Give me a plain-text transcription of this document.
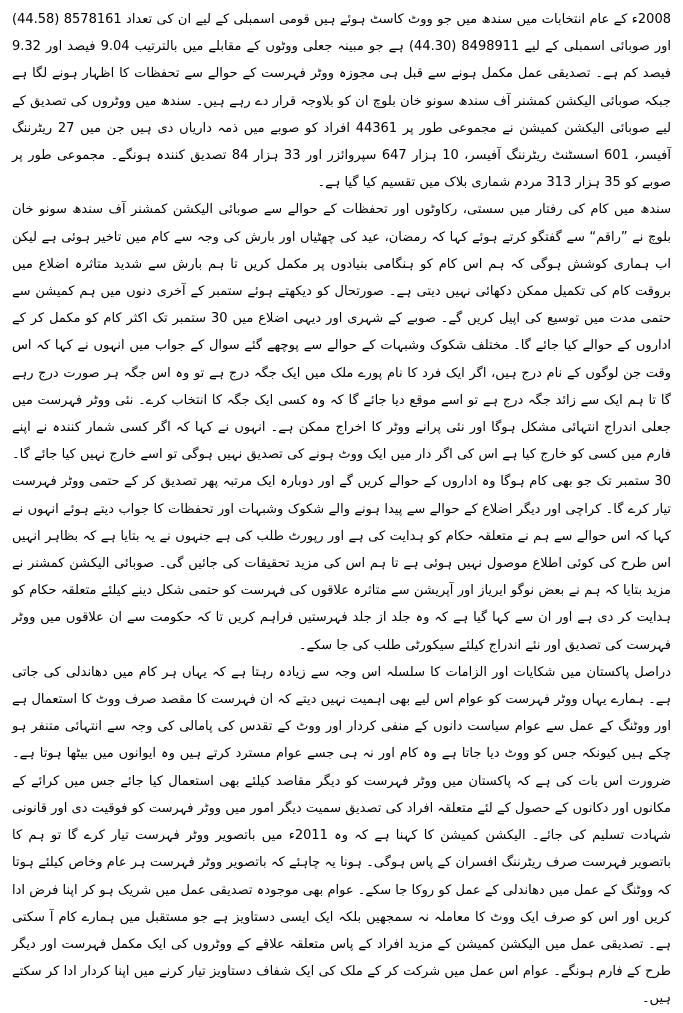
2008ء کے عام انتخابات میں سندھ میں جو ووٹ کاسٹ ہوئے ہیں قومی اسمبلی کے لیے ان کی تعداد 8578161 (44.58) اور صوبائی اسمبلی کے لیے 8498911 (44.30) ہے جو مبینہ جعلی ووٹوں کے مقابلے میں بالترتیب 9.04 فیصد اور 9.32 فیصد کم ہے۔ تصدیقی عمل مکمل ہونے سے قبل ہی مجوزہ ووٹر فہرست کے حوالے سے تحفظات کا اظہار ہونے لگا ہے جبکہ صوبائی الیکشن کمشنر آف سندھ سونو خان بلوچ ان کو بلاوجہ قرار دے رہے ہیں۔ سندھ میں ووٹروں کی تصدیق کے لیے صوبائی الیکشن کمیشن نے مجموعی طور پر 44361 افراد کو صوبے میں ذمہ داریاں دی ہیں جن میں 27 ریٹرننگ آفیسر، 601 اسسٹنٹ ریٹرننگ آفیسر، 10 ہزار 647 سپروائزر اور 33 ہزار 84 تصدیق کنندہ ہونگے۔ مجموعی طور پر صوبے کو 35 ہزار 313 مردم شماری بلاک میں تقسیم کیا گیا ہے۔

سندھ میں کام کی رفتار میں سستی، رکاوٹوں اور تحفظات کے حوالے سے صوبائی الیکشن کمشنر آف سندھ سونو خان بلوچ نے ”راقم“ سے گفتگو کرتے ہوئے کہا کہ رمضان، عید کی چھٹیاں اور بارش کی وجہ سے کام میں تاخیر ہوئی ہے لیکن اب ہماری کوشش ہوگی کہ ہم اس کام کو ہنگامی بنیادوں پر مکمل کریں تا ہم بارش سے شدید متاثرہ اضلاع میں بروقت کام کی تکمیل ممکن دکھائی نہیں دیتی ہے۔ صورتحال کو دیکھتے ہوئے ستمبر کے آخری دنوں میں ہم کمیشن سے حتمی مدت میں توسیع کی اپیل کریں گے۔ صوبے کے شہری اور دیہی اضلاع میں 30 ستمبر تک اکثر کام کو مکمل کر کے اداروں کے حوالے کیا جائے گا۔ مختلف شکوک وشبہات کے حوالے سے پوچھے گئے سوال کے جواب میں انہوں نے کہا کہ اس وقت جن لوگوں کے نام درج ہیں، اگر ایک فرد کا نام پورے ملک میں ایک جگہ درج ہے تو وہ اس جگہ ہر صورت درج رہے گا تا ہم ایک سے زائد جگہ درج ہے تو اسے موقع دیا جائے گا کہ وہ کسی ایک جگہ کا انتخاب کرے۔ نئی ووٹر فہرست میں جعلی اندراج انتہائی مشکل ہوگا اور نئی پرانے ووٹر کا اخراج ممکن ہے۔ انہوں نے کہا کہ اگر کسی شمار کنندہ نے اپنے فارم میں کسی کو خارج کیا ہے اس کی اگر دار میں ایک ووٹ ہونے کی تصدیق نہیں ہوگی تو اسے خارج نہیں کیا جائے گا۔ 30 ستمبر تک جو بھی کام ہوگا وہ اداروں کے حوالے کریں گے اور دوبارہ ایک مرتبہ پھر تصدیق کر کے حتمی ووٹر فہرست تیار کرے گا۔ کراچی اور دیگر اضلاع کے حوالے سے پیدا ہونے والے شکوک وشبہات اور تحفظات کا جواب دیتے ہوئے انہوں نے کہا کہ اس حوالے سے ہم نے متعلقہ حکام کو ہدایت کی ہے اور رپورٹ طلب کی ہے جنہوں نے یہ بتایا ہے کہ بظاہر انہیں اس طرح کی کوئی اطلاع موصول نہیں ہوئی ہے تا ہم اس کی مزید تحقیقات کی جائیں گی۔ صوبائی الیکشن کمشنر نے مزید بتایا کہ ہم نے بعض نوگو ایریاز اور آپریشن سے متاثرہ علاقوں کی فہرست کو حتمی شکل دینے کیلئے متعلقہ حکام کو ہدایت کر دی ہے اور ان سے کہا گیا ہے کہ وہ جلد از جلد فہرستیں فراہم کریں تا کہ حکومت سے ان علاقوں میں ووٹر فہرست کی تصدیق اور نئے اندراج کیلئے سیکورٹی طلب کی جا سکے۔

دراصل پاکستان میں شکایات اور الزامات کا سلسلہ اس وجہ سے زیادہ رہتا ہے کہ یہاں ہر کام میں دھاندلی کی جاتی ہے۔ ہمارے یہاں ووٹر فہرست کو عوام اس لیے بھی اہمیت نہیں دیتے کہ ان فہرست کا مقصد صرف ووٹ کا استعمال ہے اور ووٹنگ کے عمل سے عوام سیاست دانوں کے منفی کردار اور ووٹ کے تقدس کی پامالی کی وجہ سے انتہائی متنفر ہو چکے ہیں کیونکہ جس کو ووٹ دیا جاتا ہے وہ کام اور نہ ہی جسے عوام مسترد کرتے ہیں وہ ایوانوں میں بیٹھا ہوتا ہے۔ ضرورت اس بات کی ہے کہ پاکستان میں ووٹر فہرست کو دیگر مقاصد کیلئے بھی استعمال کیا جائے جس میں کرائے کے مکانوں اور دکانوں کے حصول کے لئے متعلقہ افراد کی تصدیق سمیت دیگر امور میں ووٹر فہرست کو فوقیت دی اور قانونی شہادت تسلیم کی جائے۔ الیکشن کمیشن کا کہنا ہے کہ وہ 2011ء میں باتصویر ووٹر فہرست تیار کرے گا تو ہم کا باتصویر فہرست صرف ریٹرننگ افسران کے پاس ہوگی۔ ہونا یہ چاہئے کہ باتصویر ووٹر فہرست ہر عام وخاص کیلئے ہوتا کہ ووٹنگ کے عمل میں دھاندلی کے عمل کو روکا جا سکے۔ عوام بھی موجودہ تصدیقی عمل میں شریک ہو کر اپنا فرض ادا کریں اور اس کو صرف ایک ووٹ کا معاملہ نہ سمجھیں بلکہ ایک ایسی دستاویز ہے جو مستقبل میں ہمارے کام آ سکتی ہے۔ تصدیقی عمل میں الیکشن کمیشن کے مزید افراد کے پاس متعلقہ علاقے کے ووٹروں کی ایک مکمل فہرست اور دیگر طرح کے فارم ہونگے۔ عوام اس عمل میں شرکت کر کے ملک کی ایک شفاف دستاویز تیار کرنے میں اپنا کردار ادا کر سکتے ہیں۔
